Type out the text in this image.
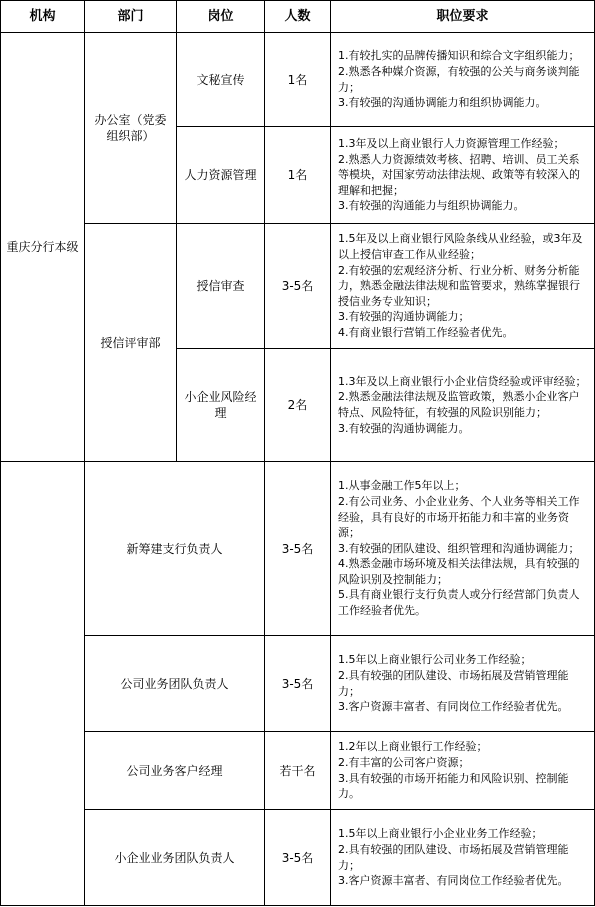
机构	部门	岗位	人数	职位要求
重庆分行本级	办公室（党委组织部）	文秘宣传	1名	1.有较扎实的品牌传播知识和综合文字组织能力；
2.熟悉各种媒介资源，有较强的公关与商务谈判能力；
3.有较强的沟通协调能力和组织协调能力。

		人力资源管理	1名	1.3年及以上商业银行人力资源管理工作经验；
2.熟悉人力资源绩效考核、招聘、培训、员工关系等模块，对国家劳动法律法规、政策等有较深入的理解和把握；
3.有较强的沟通能力与组织协调能力。

	授信评审部	授信审查	3-5名	1.5年及以上商业银行风险条线从业经验，或3年及以上授信审查工作从业经验；
2.有较强的宏观经济分析、行业分析、财务分析能力，熟悉金融法律法规和监管要求，熟练掌握银行授信业务专业知识；
3.有较强的沟通协调能力；
4.有商业银行营销工作经验者优先。

		小企业风险经理	2名	1.3年及以上商业银行小企业信贷经验或评审经验；
2.熟悉金融法律法规及监管政策，熟悉小企业客户特点、风险特征，有较强的风险识别能力；
3.有较强的沟通协调能力。

	新筹建支行负责人		3-5名	1.从事金融工作5年以上；
2.有公司业务、小企业业务、个人业务等相关工作经验，具有良好的市场开拓能力和丰富的业务资源；
3.有较强的团队建设、组织管理和沟通协调能力；
4.熟悉金融市场环境及相关法律法规，具有较强的风险识别及控制能力；
5.具有商业银行支行负责人或分行经营部门负责人工作经验者优先。

	公司业务团队负责人		3-5名	1.5年以上商业银行公司业务工作经验；
2.具有较强的团队建设、市场拓展及营销管理能力；
3.客户资源丰富者、有同岗位工作经验者优先。

	公司业务客户经理		若干名	1.2年以上商业银行工作经验；
2.有丰富的公司客户资源；
3.具有较强的市场开拓能力和风险识别、控制能力。

	小企业业务团队负责人		3-5名	1.5年以上商业银行小企业业务工作经验；
2.具有较强的团队建设、市场拓展及营销管理能力；
3.客户资源丰富者、有同岗位工作经验者优先。
